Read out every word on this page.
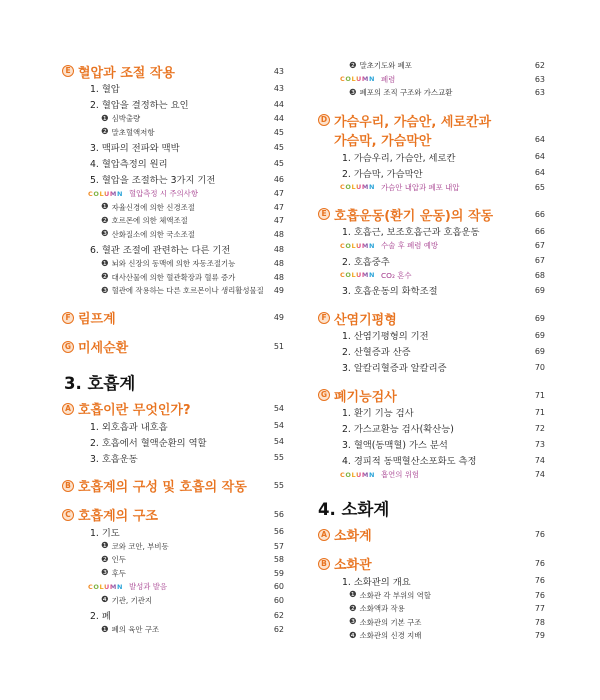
E 혈압과 조절 작용	43
1. 혈압	43
2. 혈압을 결정하는 요인	44
❶ 심박출량	44
❷ 말초혈액저항	45
3. 맥파의 전파와 맥박	45
4. 혈압측정의 원리	45
5. 혈압을 조절하는 3가지 기전	46
COLUMN 혈압측정 시 주의사항	47
❶ 자율신경에 의한 신경조절	47
❷ 호르몬에 의한 체액조절	47
❸ 산화질소에 의한 국소조절	48
6. 혈관 조절에 관련하는 다른 기전	48
❶ 뇌와 신장의 동맥에 의한 자동조절기능	48
❷ 대사산물에 의한 혈관확장과 혈류 증가	48
❸ 혈관에 작용하는 다른 호르몬이나 생리활성물질	49
F 림프계	49
G 미세순환	51
3. 호흡계
A 호흡이란 무엇인가?	54
1. 외호흡과 내호흡	54
2. 호흡에서 혈액순환의 역할	54
3. 호흡운동	55
B 호흡계의 구성 및 호흡의 작동	55
C 호흡계의 구조	56
1. 기도	56
❶ 코와 코안, 부비동	57
❷ 인두	58
❸ 후두	59
COLUMN 발성과 발음	60
❹ 기관, 기관지	60
2. 폐	62
❶ 폐의 육안 구조	62
❷ 말초기도와 폐포	62
COLUMN 폐렴	63
❸ 폐포의 조직 구조와 가스교환	63
D 가슴우리, 가슴안, 세로칸과
가슴막, 가슴막안	64
1. 가슴우리, 가슴안, 세로칸	64
2. 가슴막, 가슴막안	64
COLUMN 가슴안 내압과 폐포 내압	65
E 호흡운동(환기 운동)의 작동	66
1. 호흡근, 보조호흡근과 호흡운동	66
COLUMN 수술 후 폐렴 예방	67
2. 호흡중추	67
COLUMN CO₂ 혼수	68
3. 호흡운동의 화학조절	69
F 산염기평형	69
1. 산염기평형의 기전	69
2. 산혈증과 산증	69
3. 알칼리혈증과 알칼리증	70
G 폐기능검사	71
1. 환기 기능 검사	71
2. 가스교환능 검사(확산능)	72
3. 혈액(동맥혈) 가스 분석	73
4. 경피적 동맥혈산소포화도 측정	74
COLUMN 흡연의 위험	74
4. 소화계
A 소화계	76
B 소화관	76
1. 소화관의 개요	76
❶ 소화관 각 부위의 역할	76
❷ 소화액과 작용	77
❸ 소화관의 기본 구조	78
❹ 소화관의 신경 지배	79
